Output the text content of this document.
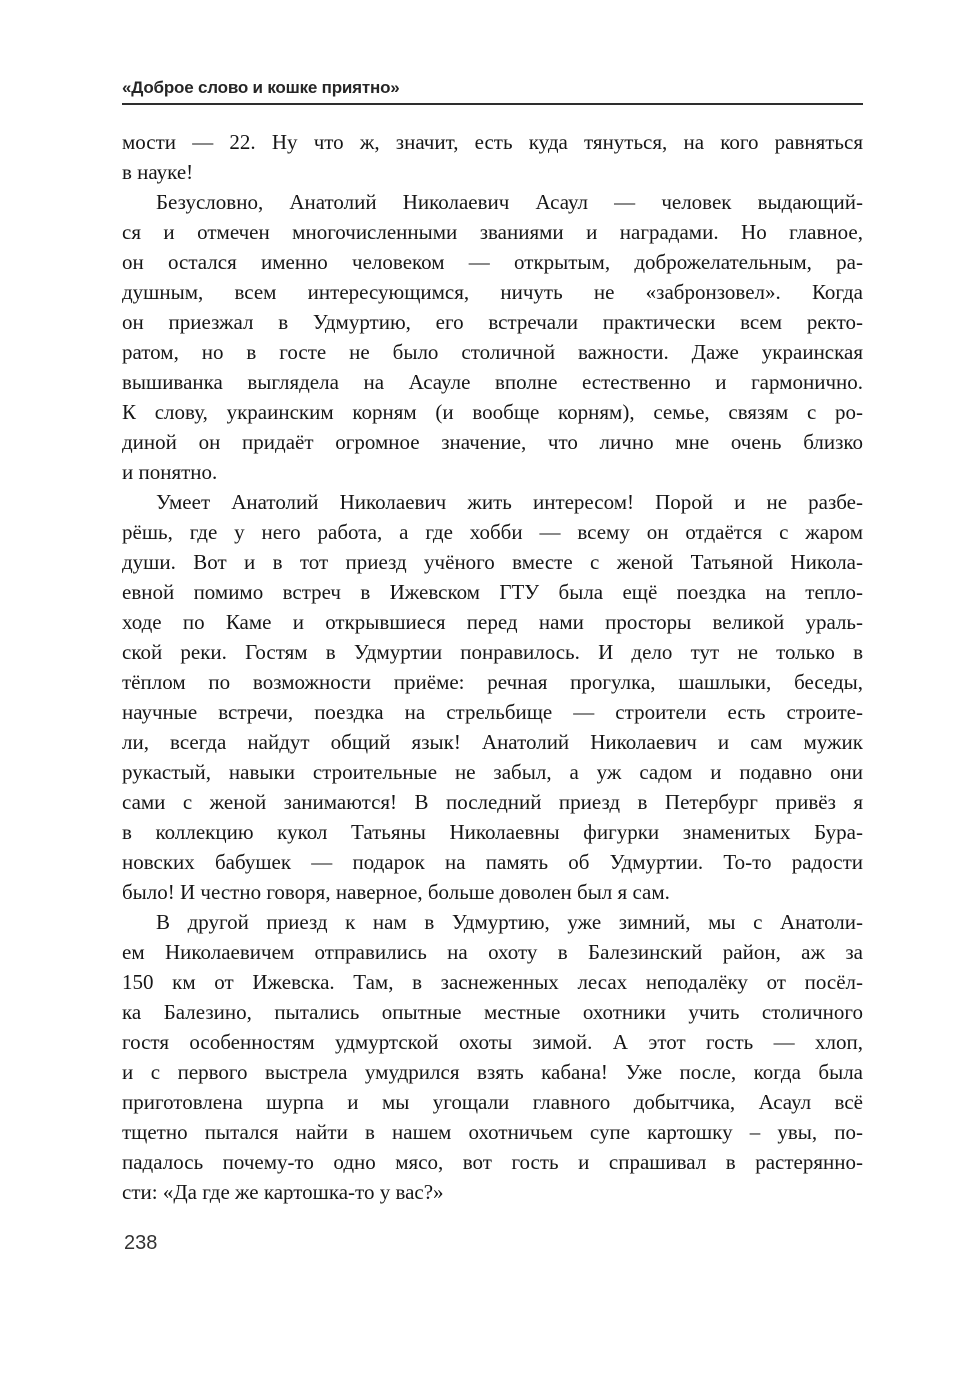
«Доброе слово и кошке приятно»
мости — 22. Ну что ж, значит, есть куда тянуться, на кого равняться
в науке!
Безусловно, Анатолий Николаевич Асаул — человек выдающий-
ся и отмечен многочисленными званиями и наградами. Но главное,
он остался именно человеком — открытым, доброжелательным, ра-
душным, всем интересующимся, ничуть не «забронзовел». Когда
он приезжал в Удмуртию, его встречали практически всем ректо-
ратом, но в госте не было столичной важности. Даже украинская
вышиванка выглядела на Асауле вполне естественно и гармонично.
К слову, украинским корням (и вообще корням), семье, связям с ро-
диной он придаёт огромное значение, что лично мне очень близко
и понятно.
Умеет Анатолий Николаевич жить интересом! Порой и не разбе-
рёшь, где у него работа, а где хобби — всему он отдаётся с жаром
души. Вот и в тот приезд учёного вместе с женой Татьяной Никола-
евной помимо встреч в Ижевском ГТУ была ещё поездка на тепло-
ходе по Каме и открывшиеся перед нами просторы великой ураль-
ской реки. Гостям в Удмуртии понравилось. И дело тут не только в
тёплом по возможности приёме: речная прогулка, шашлыки, беседы,
научные встречи, поездка на стрельбище — строители есть строите-
ли, всегда найдут общий язык! Анатолий Николаевич и сам мужик
рукастый, навыки строительные не забыл, а уж садом и подавно они
сами с женой занимаются! В последний приезд в Петербург привёз я
в коллекцию кукол Татьяны Николаевны фигурки знаменитых Бура-
новских бабушек — подарок на память об Удмуртии. То-то радости
было! И честно говоря, наверное, больше доволен был я сам.
В другой приезд к нам в Удмуртию, уже зимний, мы с Анатоли-
ем Николаевичем отправились на охоту в Балезинский район, аж за
150 км от Ижевска. Там, в заснеженных лесах неподалёку от посёл-
ка Балезино, пытались опытные местные охотники учить столичного
гостя особенностям удмуртской охоты зимой. А этот гость — хлоп,
и с первого выстрела умудрился взять кабана! Уже после, когда была
приготовлена шурпа и мы угощали главного добытчика, Асаул всё
тщетно пытался найти в нашем охотничьем супе картошку – увы, по-
падалось почему-то одно мясо, вот гость и спрашивал в растерянно-
сти: «Да где же картошка-то у вас?»
238
